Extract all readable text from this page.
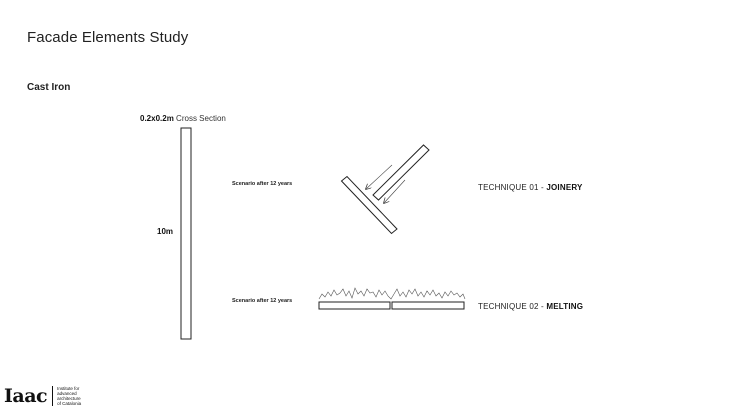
Facade Elements Study
Cast Iron
0.2x0.2m Cross Section
10m
Scenario after 12 years
Scenario after 12 years
TECHNIQUE 01 - JOINERY
TECHNIQUE 02 - MELTING
Iaac Institute for
advanced
architecture
of Catalonia
